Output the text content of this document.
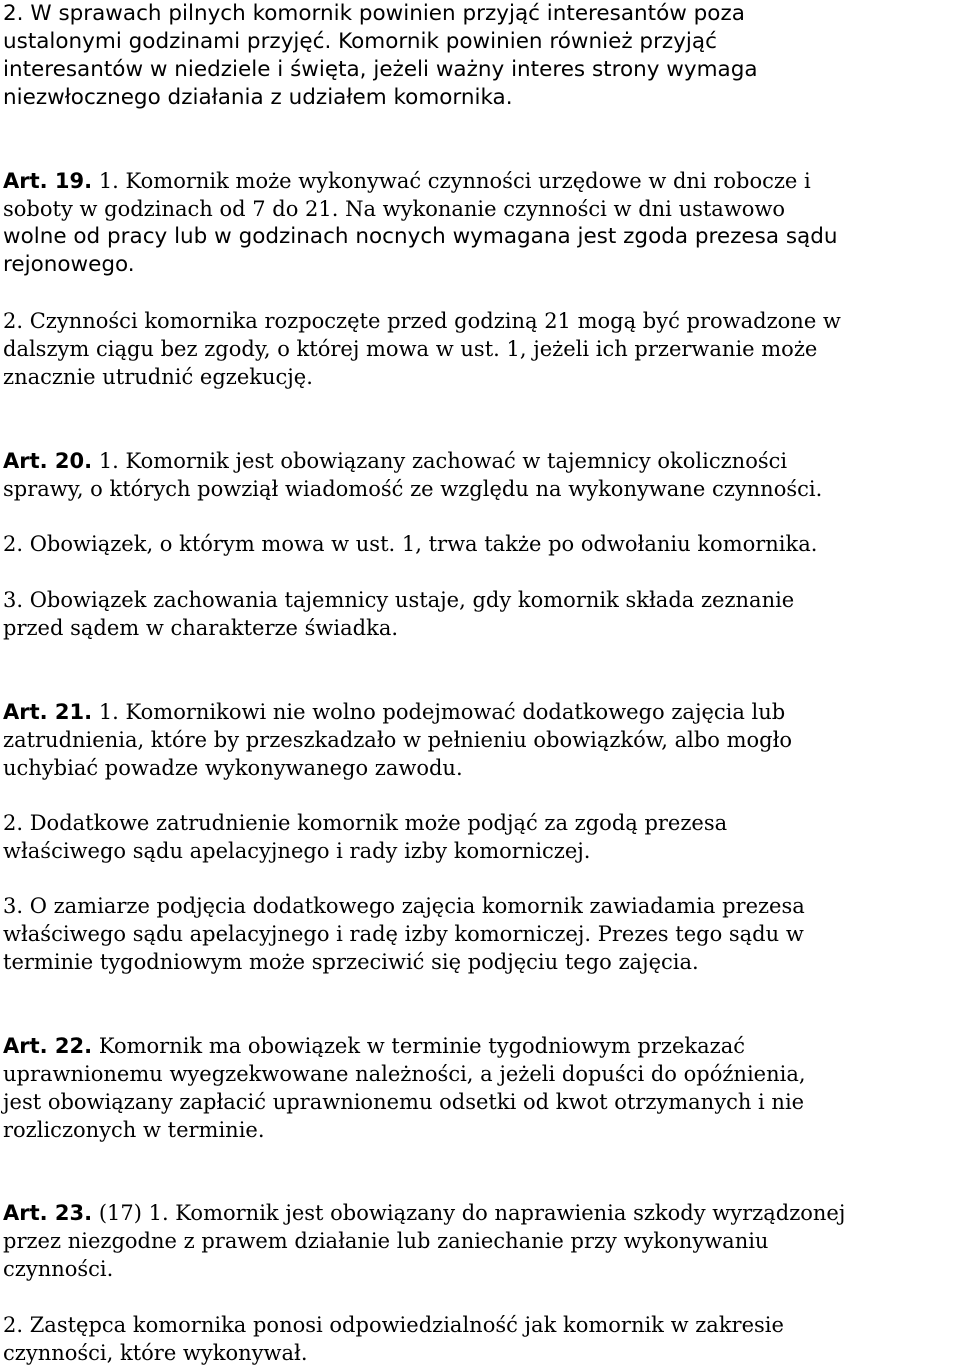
2. W sprawach pilnych komornik powinien przyjąć interesantów poza
ustalonymi godzinami przyjęć. Komornik powinien również przyjąć
interesantów w niedziele i święta, jeżeli ważny interes strony wymaga
niezwłocznego działania z udziałem komornika.
Art. 19. 1. Komornik może wykonywać czynności urzędowe w dni robocze i
soboty w godzinach od 7 do 21. Na wykonanie czynności w dni ustawowo
wolne od pracy lub w godzinach nocnych wymagana jest zgoda prezesa sądu
rejonowego.
2. Czynności komornika rozpoczęte przed godziną 21 mogą być prowadzone w
dalszym ciągu bez zgody, o której mowa w ust. 1, jeżeli ich przerwanie może
znacznie utrudnić egzekucję.
Art. 20. 1. Komornik jest obowiązany zachować w tajemnicy okoliczności
sprawy, o których powziął wiadomość ze względu na wykonywane czynności.
2. Obowiązek, o którym mowa w ust. 1, trwa także po odwołaniu komornika.
3. Obowiązek zachowania tajemnicy ustaje, gdy komornik składa zeznanie
przed sądem w charakterze świadka.
Art. 21. 1. Komornikowi nie wolno podejmować dodatkowego zajęcia lub
zatrudnienia, które by przeszkadzało w pełnieniu obowiązków, albo mogło
uchybiać powadze wykonywanego zawodu.
2. Dodatkowe zatrudnienie komornik może podjąć za zgodą prezesa
właściwego sądu apelacyjnego i rady izby komorniczej.
3. O zamiarze podjęcia dodatkowego zajęcia komornik zawiadamia prezesa
właściwego sądu apelacyjnego i radę izby komorniczej. Prezes tego sądu w
terminie tygodniowym może sprzeciwić się podjęciu tego zajęcia.
Art. 22. Komornik ma obowiązek w terminie tygodniowym przekazać
uprawnionemu wyegzekwowane należności, a jeżeli dopuści do opóźnienia,
jest obowiązany zapłacić uprawnionemu odsetki od kwot otrzymanych i nie
rozliczonych w terminie.
Art. 23. (17) 1. Komornik jest obowiązany do naprawienia szkody wyrządzonej
przez niezgodne z prawem działanie lub zaniechanie przy wykonywaniu
czynności.
2. Zastępca komornika ponosi odpowiedzialność jak komornik w zakresie
czynności, które wykonywał.
